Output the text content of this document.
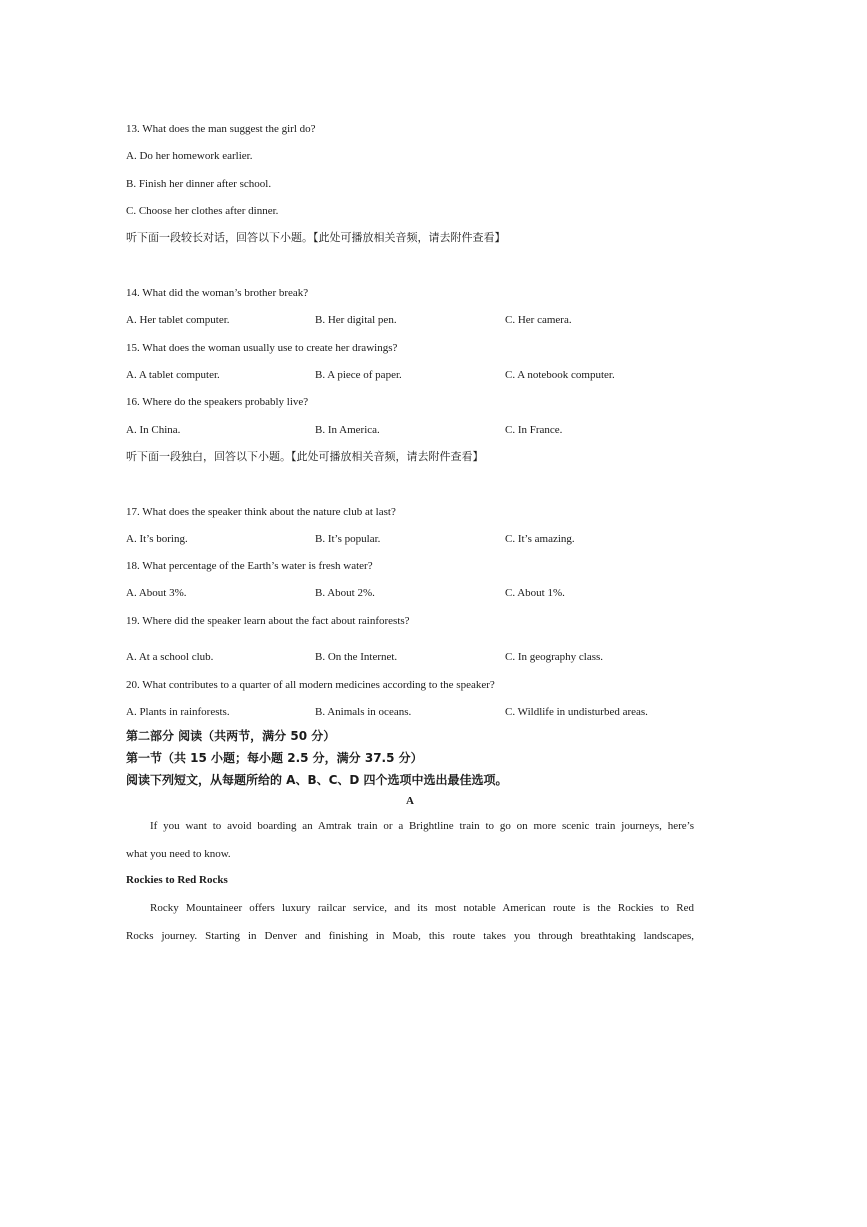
13. What does the man suggest the girl do?
A. Do her homework earlier.
B. Finish her dinner after school.
C. Choose her clothes after dinner.
听下面一段较长对话，回答以下小题。【此处可播放相关音频，请去附件查看】
14. What did the woman’s brother break?
A. Her tablet computer.	B. Her digital pen.	C. Her camera.
15. What does the woman usually use to create her drawings?
A. A tablet computer.	B. A piece of paper.	C. A notebook computer.
16. Where do the speakers probably live?
A. In China.	B. In America.	C. In France.
听下面一段独白，回答以下小题。【此处可播放相关音频，请去附件查看】
17. What does the speaker think about the nature club at last?
A. It’s boring.	B. It’s popular.	C. It’s amazing.
18. What percentage of the Earth’s water is fresh water?
A. About 3%.	B. About 2%.	C. About 1%.
19. Where did the speaker learn about the fact about rainforests?
A. At a school club.	B. On the Internet.	C. In geography class.
20. What contributes to a quarter of all modern medicines according to the speaker?
A. Plants in rainforests.	B. Animals in oceans.	C. Wildlife in undisturbed areas.
第二部分 阅读（共两节，满分 50 分）
第一节（共 15 小题；每小题 2.5 分，满分 37.5 分）
阅读下列短文，从每题所给的 A、B、C、D 四个选项中选出最佳选项。
A
If you want to avoid boarding an Amtrak train or a Brightline train to go on more scenic train journeys, here’s
what you need to know.
Rockies to Red Rocks
Rocky Mountaineer offers luxury railcar service, and its most notable American route is the Rockies to Red
Rocks journey. Starting in Denver and finishing in Moab, this route takes you through breathtaking landscapes,
